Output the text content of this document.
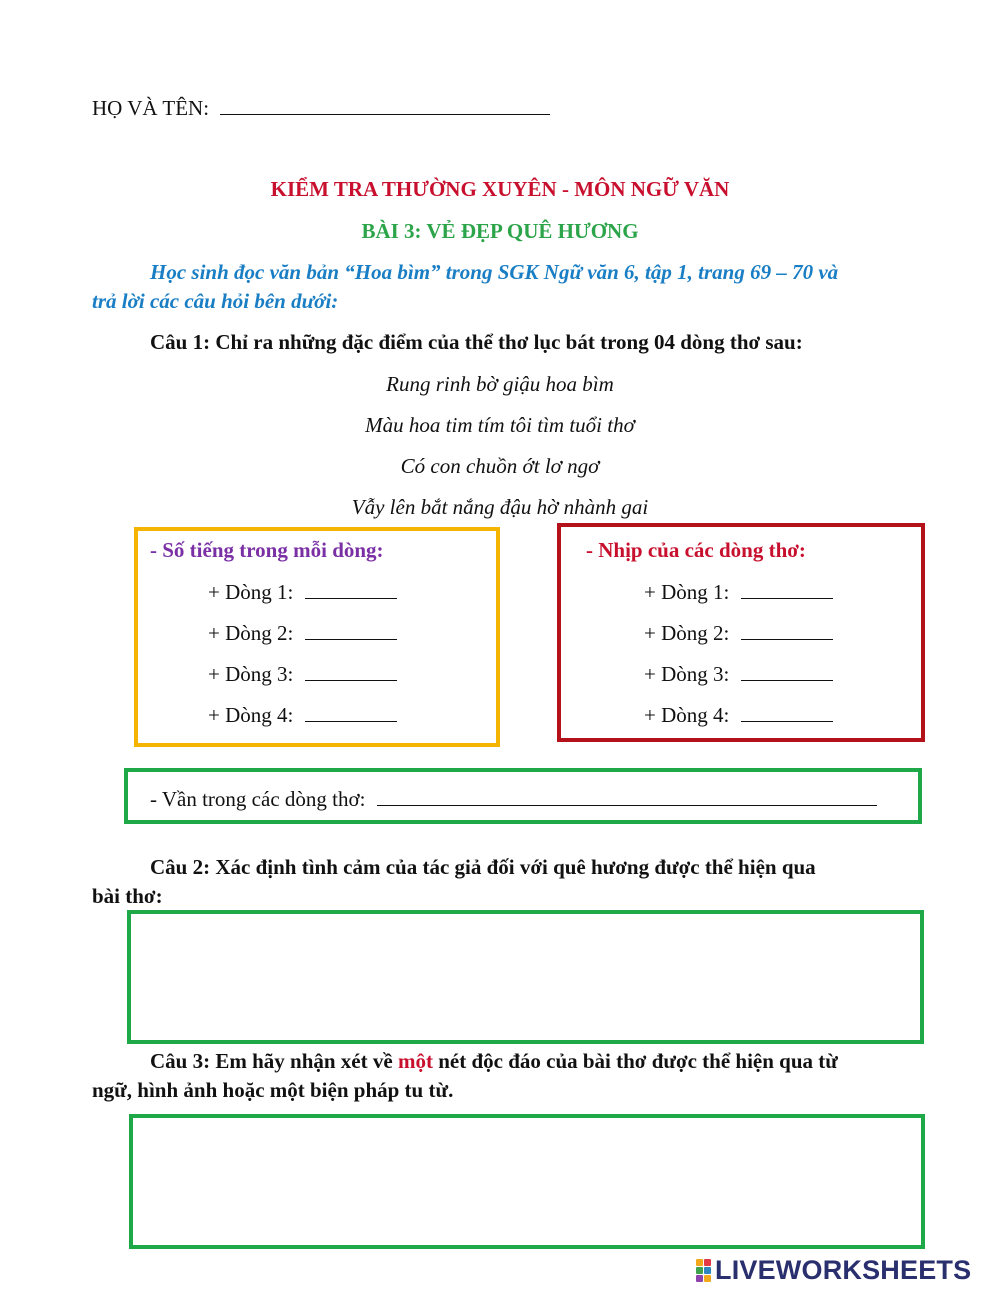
HỌ VÀ TÊN:
KIỂM TRA THƯỜNG XUYÊN - MÔN NGỮ VĂN
BÀI 3: VẺ ĐẸP QUÊ HƯƠNG
Học sinh đọc văn bản “Hoa bìm” trong SGK Ngữ văn 6, tập 1, trang 69 – 70 và
trả lời các câu hỏi bên dưới:
Câu 1: Chỉ ra những đặc điểm của thể thơ lục bát trong 04 dòng thơ sau:
Rung rinh bờ giậu hoa bìm
Màu hoa tim tím tôi tìm tuổi thơ
Có con chuồn ớt lơ ngơ
Vẫy lên bắt nắng đậu hờ nhành gai
- Số tiếng trong mỗi dòng:
+ Dòng 1:
+ Dòng 2:
+ Dòng 3:
+ Dòng 4:
- Nhịp của các dòng thơ:
+ Dòng 1:
+ Dòng 2:
+ Dòng 3:
+ Dòng 4:
- Vần trong các dòng thơ:
Câu 2: Xác định tình cảm của tác giả đối với quê hương được thể hiện qua
bài thơ:
Câu 3: Em hãy nhận xét về một nét độc đáo của bài thơ được thể hiện qua từ
ngữ, hình ảnh hoặc một biện pháp tu từ.
LIVEWORKSHEETS
